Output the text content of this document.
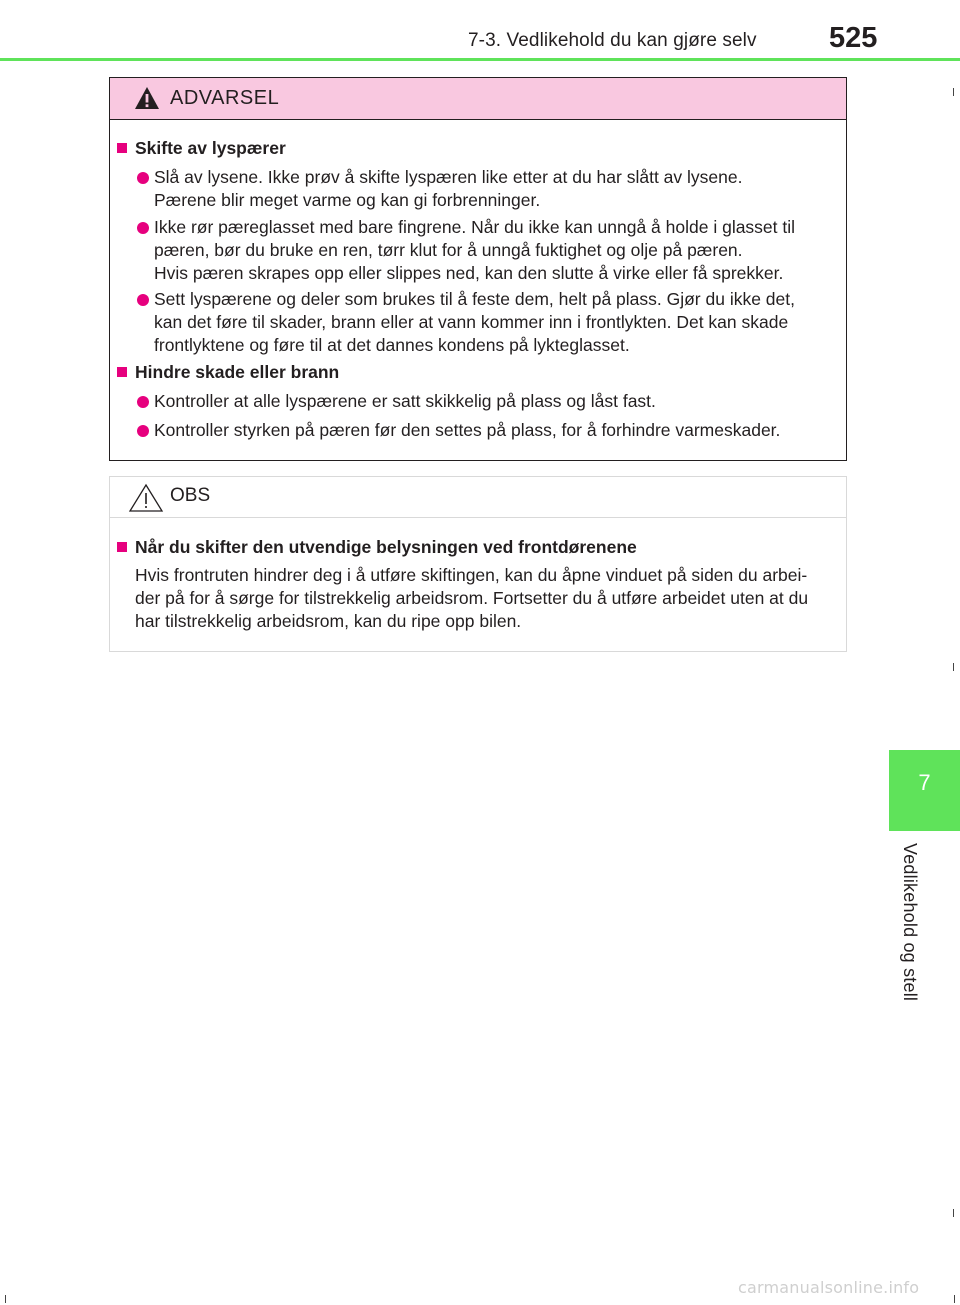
7-3. Vedlikehold du kan gjøre selv 525
ADVARSEL
Skifte av lyspærer

Slå av lysene. Ikke prøv å skifte lyspæren like etter at du har slått av lysene.

Pærene blir meget varme og kan gi forbrenninger.

Ikke rør pæreglasset med bare fingrene. Når du ikke kan unngå å holde i glasset til

pæren, bør du bruke en ren, tørr klut for å unngå fuktighet og olje på pæren.

Hvis pæren skrapes opp eller slippes ned, kan den slutte å virke eller få sprekker.

Sett lyspærene og deler som brukes til å feste dem, helt på plass. Gjør du ikke det,

kan det føre til skader, brann eller at vann kommer inn i frontlykten. Det kan skade

frontlyktene og føre til at det dannes kondens på lykteglasset.

Hindre skade eller brann

Kontroller at alle lyspærene er satt skikkelig på plass og låst fast.

Kontroller styrken på pæren før den settes på plass, for å forhindre varmeskader.

OBS
Når du skifter den utvendige belysningen ved frontdørenene

Hvis frontruten hindrer deg i å utføre skiftingen, kan du åpne vinduet på siden du arbei-

der på for å sørge for tilstrekkelig arbeidsrom. Fortsetter du å utføre arbeidet uten at du

har tilstrekkelig arbeidsrom, kan du ripe opp bilen.

7
Vedlikehold og stell
carmanualsonline.info
